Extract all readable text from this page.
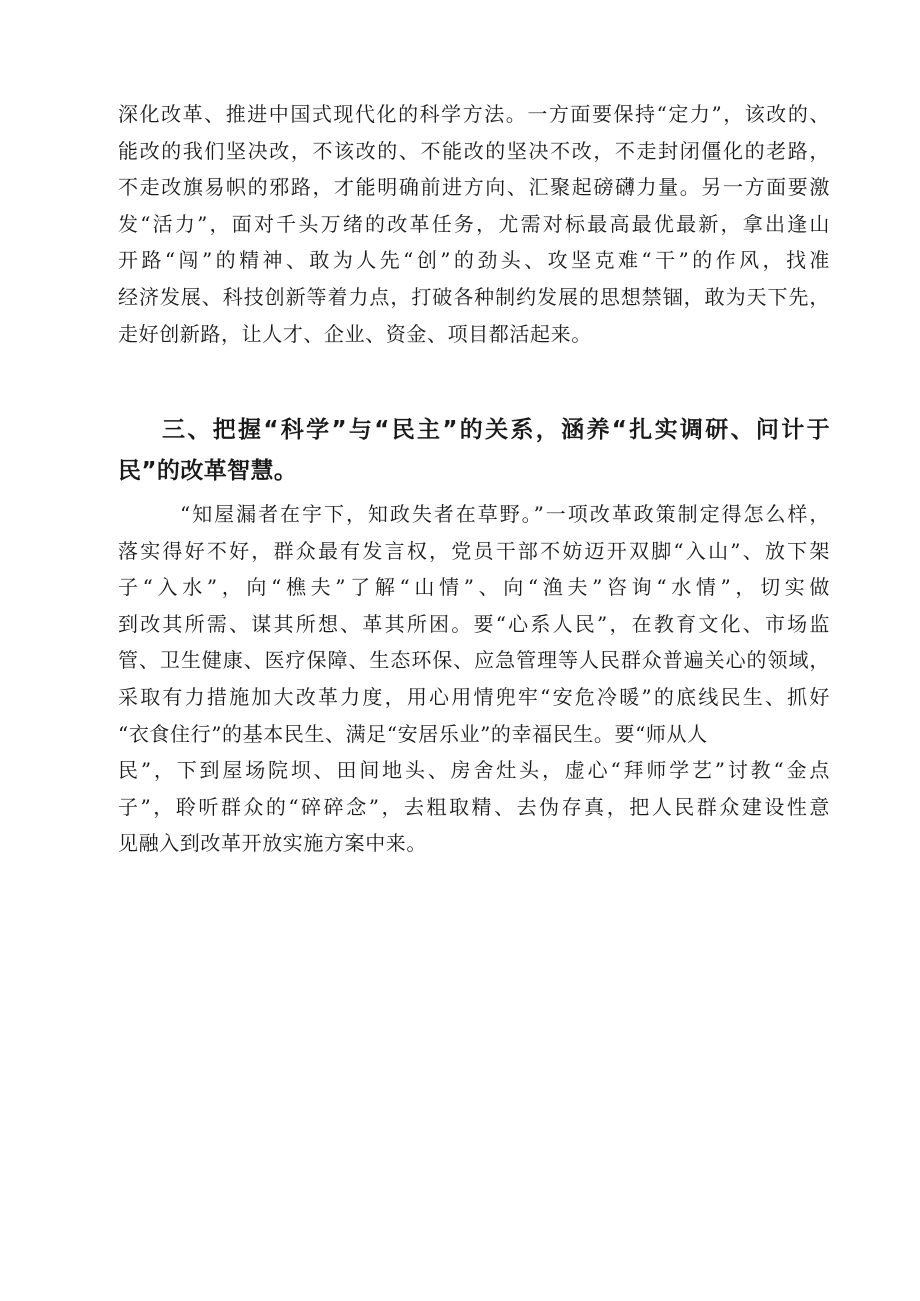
深化改革、推进中国式现代化的科学方法。一方面要保持“定力”，该改的、
能改的我们坚决改，不该改的、不能改的坚决不改，不走封闭僵化的老路，
不走改旗易帜的邪路，才能明确前进方向、汇聚起磅礴力量。另一方面要激
发“活力”，面对千头万绪的改革任务，尤需对标最高最优最新，拿出逢山
开路“闯”的精神、敢为人先“创”的劲头、攻坚克难“干”的作风，找准
经济发展、科技创新等着力点，打破各种制约发展的思想禁锢，敢为天下先，
走好创新路，让人才、企业、资金、项目都活起来。
三、把握“科学”与“民主”的关系，涵养“扎实调研、问计于
民”的改革智慧。
“知屋漏者在宇下，知政失者在草野。”一项改革政策制定得怎么样，
落实得好不好，群众最有发言权，党员干部不妨迈开双脚“入山”、放下架
子“入水”，向“樵夫”了解“山情”、向“渔夫”咨询“水情”，切实做
到改其所需、谋其所想、革其所困。要“心系人民”，在教育文化、市场监
管、卫生健康、医疗保障、生态环保、应急管理等人民群众普遍关心的领域，
采取有力措施加大改革力度，用心用情兜牢“安危冷暖”的底线民生、抓好
“衣食住行”的基本民生、满足“安居乐业”的幸福民生。要“师从人
民”，下到屋场院坝、田间地头、房舍灶头，虚心“拜师学艺”讨教“金点
子”，聆听群众的“碎碎念”，去粗取精、去伪存真，把人民群众建设性意
见融入到改革开放实施方案中来。
